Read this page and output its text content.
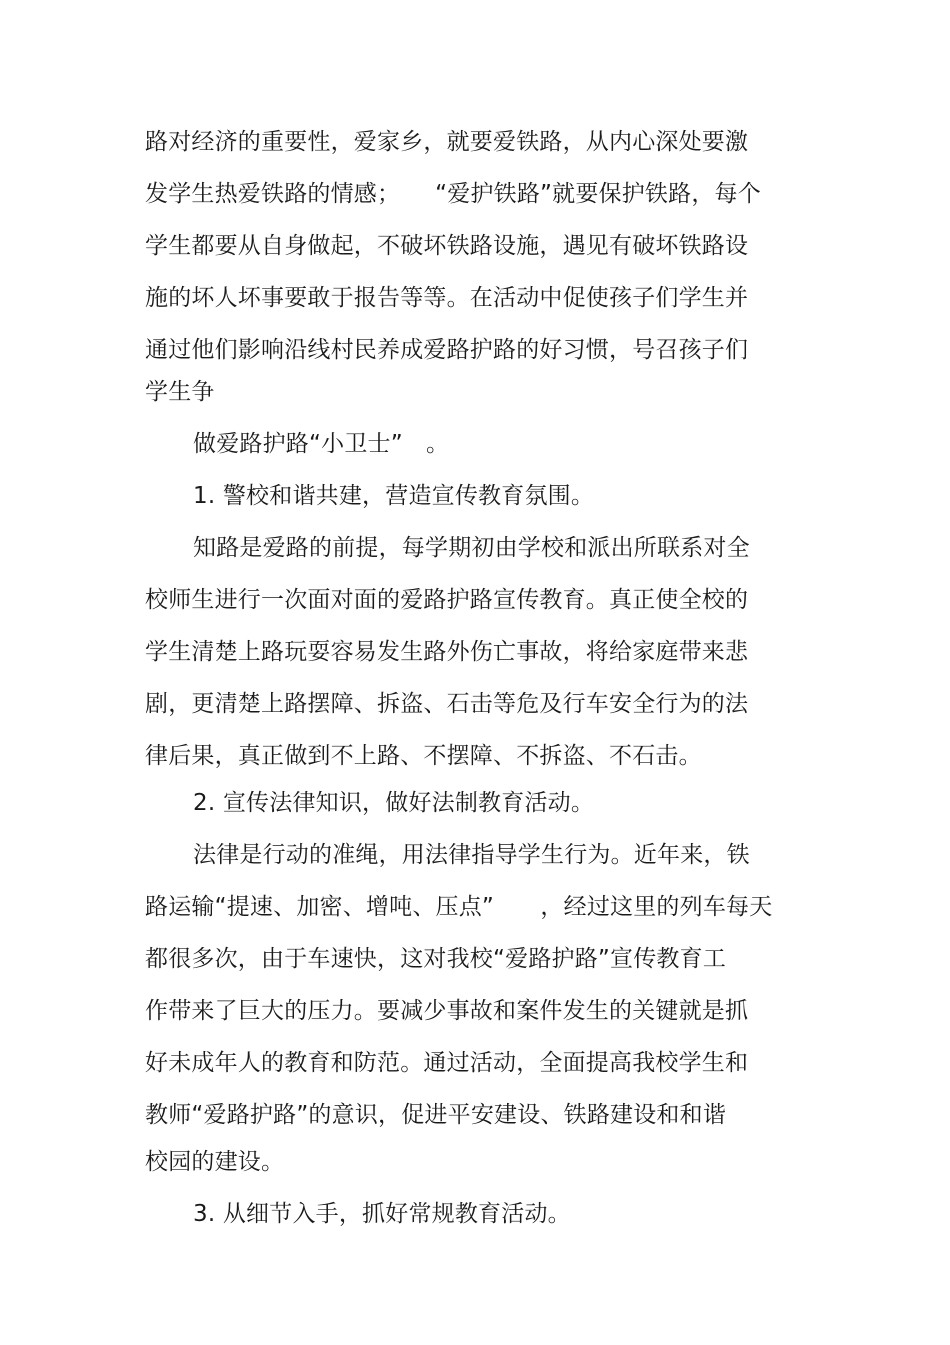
路对经济的重要性，爱家乡，就要爱铁路，从内心深处要激
发学生热爱铁路的情感；　　“爱护铁路”就要保护铁路，每个
学生都要从自身做起，不破坏铁路设施，遇见有破坏铁路设
施的坏人坏事要敢于报告等等。在活动中促使孩子们学生并
通过他们影响沿线村民养成爱路护路的好习惯，号召孩子们
学生争
做爱路护路“小卫士”　。
1. 警校和谐共建，营造宣传教育氛围。
知路是爱路的前提，每学期初由学校和派出所联系对全
校师生进行一次面对面的爱路护路宣传教育。真正使全校的
学生清楚上路玩耍容易发生路外伤亡事故，将给家庭带来悲
剧，更清楚上路摆障、拆盗、石击等危及行车安全行为的法
律后果，真正做到不上路、不摆障、不拆盗、不石击。
2. 宣传法律知识，做好法制教育活动。
法律是行动的准绳，用法律指导学生行为。近年来，铁
路运输“提速、加密、增吨、压点”　　，经过这里的列车每天
都很多次，由于车速快，这对我校“爱路护路”宣传教育工
作带来了巨大的压力。要减少事故和案件发生的关键就是抓
好未成年人的教育和防范。通过活动，全面提高我校学生和
教师“爱路护路”的意识，促进平安建设、铁路建设和和谐
校园的建设。
3. 从细节入手，抓好常规教育活动。
